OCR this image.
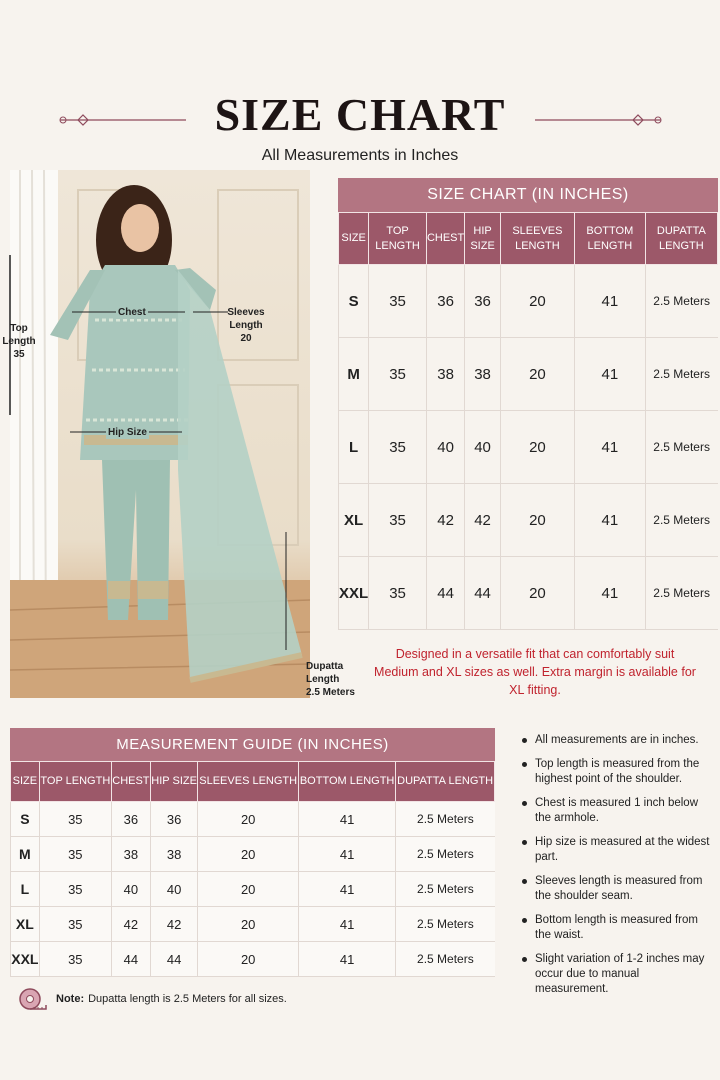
SIZE CHART
All Measurements in Inches
Top Length
35
Chest	Sleeves
Length
20
Hip Size
Dupatta
Length
2.5 Meters
SIZE CHART (IN INCHES)
SIZE	TOP LENGTH	CHEST	HIP SIZE	SLEEVES LENGTH	BOTTOM LENGTH	DUPATTA LENGTH
S	35	36	36	20	41	2.5 Meters
M	35	38	38	20	41	2.5 Meters
L	35	40	40	20	41	2.5 Meters
XL	35	42	42	20	41	2.5 Meters
XXL	35	44	44	20	41	2.5 Meters
Designed in a versatile fit that can comfortably suit Medium and XL sizes as well. Extra margin is available for XL fitting.
MEASUREMENT GUIDE (IN INCHES)
SIZE	TOP LENGTH	CHEST	HIP SIZE	SLEEVES LENGTH	BOTTOM LENGTH	DUPATTA LENGTH
S	35	36	36	20	41	2.5 Meters
M	35	38	38	20	41	2.5 Meters
L	35	40	40	20	41	2.5 Meters
XL	35	42	42	20	41	2.5 Meters
XXL	35	44	44	20	41	2.5 Meters
All measurements are in inches.
Top length is measured from the highest point of the shoulder.
Chest is measured 1 inch below the armhole.
Hip size is measured at the widest part.
Sleeves length is measured from the shoulder seam.
Bottom length is measured from the waist.
Slight variation of 1-2 inches may occur due to manual measurement.
Note: Dupatta length is 2.5 Meters for all sizes.
